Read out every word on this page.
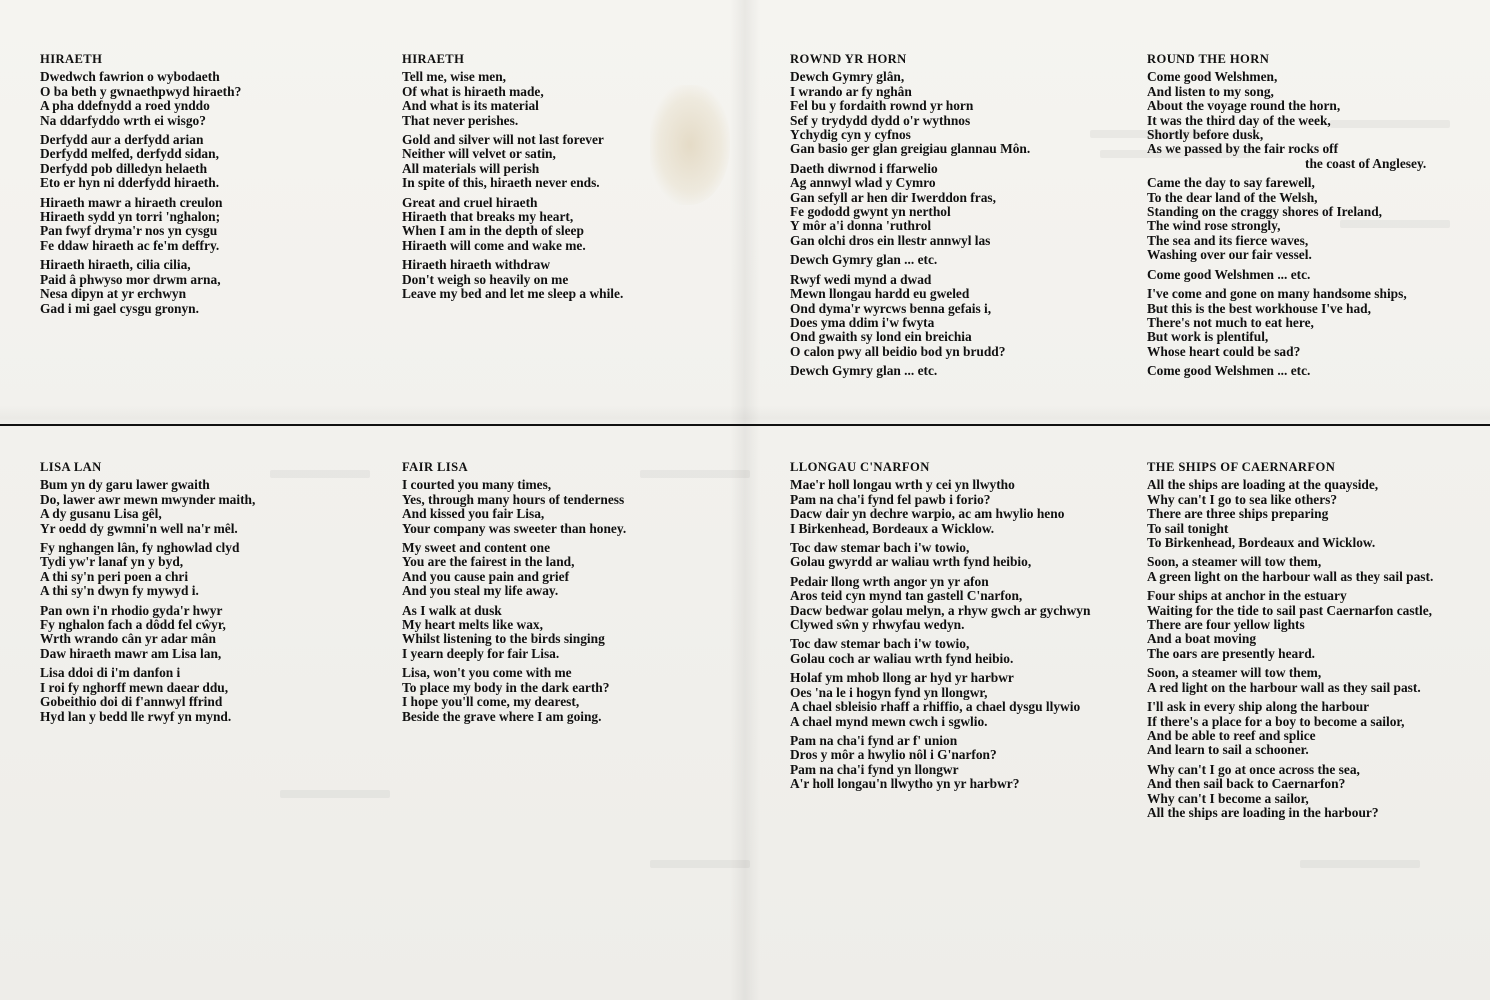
HIRAETH
Dwedwch fawrion o wybodaeth
O ba beth y gwnaethpwyd hiraeth?
A pha ddefnydd a roed ynddo
Na ddarfyddo wrth ei wisgo?
Derfydd aur a derfydd arian
Derfydd melfed, derfydd sidan,
Derfydd pob dilledyn helaeth
Eto er hyn ni dderfydd hiraeth.
Hiraeth mawr a hiraeth creulon
Hiraeth sydd yn torri 'nghalon;
Pan fwyf dryma'r nos yn cysgu
Fe ddaw hiraeth ac fe'm deffry.
Hiraeth hiraeth, cilia cilia,
Paid â phwyso mor drwm arna,
Nesa dipyn at yr erchwyn
Gad i mi gael cysgu gronyn.
HIRAETH
Tell me, wise men,
Of what is hiraeth made,
And what is its material
That never perishes.
Gold and silver will not last forever
Neither will velvet or satin,
All materials will perish
In spite of this, hiraeth never ends.
Great and cruel hiraeth
Hiraeth that breaks my heart,
When I am in the depth of sleep
Hiraeth will come and wake me.
Hiraeth hiraeth withdraw
Don't weigh so heavily on me
Leave my bed and let me sleep a while.
ROWND YR HORN
Dewch Gymry glân,
I wrando ar fy nghân
Fel bu y fordaith rownd yr horn
Sef y trydydd dydd o'r wythnos
Ychydig cyn y cyfnos
Gan basio ger glan greigiau glannau Môn.
Daeth diwrnod i ffarwelio
Ag annwyl wlad y Cymro
Gan sefyll ar hen dir Iwerddon fras,
Fe gododd gwynt yn nerthol
Y môr a'i donna 'ruthrol
Gan olchi dros ein llestr annwyl las
Dewch Gymry glan ... etc.
Rwyf wedi mynd a dwad
Mewn llongau hardd eu gweled
Ond dyma'r wyrcws benna gefais i,
Does yma ddim i'w fwyta
Ond gwaith sy lond ein breichia
O calon pwy all beidio bod yn brudd?
Dewch Gymry glan ... etc.
ROUND THE HORN
Come good Welshmen,
And listen to my song,
About the voyage round the horn,
It was the third day of the week,
Shortly before dusk,
As we passed by the fair rocks off
the coast of Anglesey.
Came the day to say farewell,
To the dear land of the Welsh,
Standing on the craggy shores of Ireland,
The wind rose strongly,
The sea and its fierce waves,
Washing over our fair vessel.
Come good Welshmen ... etc.
I've come and gone on many handsome ships,
But this is the best workhouse I've had,
There's not much to eat here,
But work is plentiful,
Whose heart could be sad?
Come good Welshmen ... etc.
LISA LAN
Bum yn dy garu lawer gwaith
Do, lawer awr mewn mwynder maith,
A dy gusanu Lisa gêl,
Yr oedd dy gwmni'n well na'r mêl.
Fy nghangen lân, fy nghowlad clyd
Tydi yw'r lanaf yn y byd,
A thi sy'n peri poen a chri
A thi sy'n dwyn fy mywyd i.
Pan own i'n rhodio gyda'r hwyr
Fy nghalon fach a dôdd fel cŵyr,
Wrth wrando cân yr adar mân
Daw hiraeth mawr am Lisa lan,
Lisa ddoi di i'm danfon i
I roi fy nghorff mewn daear ddu,
Gobeithio doi di f'annwyl ffrind
Hyd lan y bedd lle rwyf yn mynd.
FAIR LISA
I courted you many times,
Yes, through many hours of tenderness
And kissed you fair Lisa,
Your company was sweeter than honey.
My sweet and content one
You are the fairest in the land,
And you cause pain and grief
And you steal my life away.
As I walk at dusk
My heart melts like wax,
Whilst listening to the birds singing
I yearn deeply for fair Lisa.
Lisa, won't you come with me
To place my body in the dark earth?
I hope you'll come, my dearest,
Beside the grave where I am going.
LLONGAU C'NARFON
Mae'r holl longau wrth y cei yn llwytho
Pam na cha'i fynd fel pawb i forio?
Dacw dair yn dechre warpio, ac am hwylio heno
I Birkenhead, Bordeaux a Wicklow.
Toc daw stemar bach i'w towio,
Golau gwyrdd ar waliau wrth fynd heibio,
Pedair llong wrth angor yn yr afon
Aros teid cyn mynd tan gastell C'narfon,
Dacw bedwar golau melyn, a rhyw gwch ar gychwyn
Clywed sŵn y rhwyfau wedyn.
Toc daw stemar bach i'w towio,
Golau coch ar waliau wrth fynd heibio.
Holaf ym mhob llong ar hyd yr harbwr
Oes 'na le i hogyn fynd yn llongwr,
A chael sbleisio rhaff a rhiffio, a chael dysgu llywio
A chael mynd mewn cwch i sgwlio.
Pam na cha'i fynd ar f' union
Dros y môr a hwylio nôl i G'narfon?
Pam na cha'i fynd yn llongwr
A'r holl longau'n llwytho yn yr harbwr?
THE SHIPS OF CAERNARFON
All the ships are loading at the quayside,
Why can't I go to sea like others?
There are three ships preparing
To sail tonight
To Birkenhead, Bordeaux and Wicklow.
Soon, a steamer will tow them,
A green light on the harbour wall as they sail past.
Four ships at anchor in the estuary
Waiting for the tide to sail past Caernarfon castle,
There are four yellow lights
And a boat moving
The oars are presently heard.
Soon, a steamer will tow them,
A red light on the harbour wall as they sail past.
I'll ask in every ship along the harbour
If there's a place for a boy to become a sailor,
And be able to reef and splice
And learn to sail a schooner.
Why can't I go at once across the sea,
And then sail back to Caernarfon?
Why can't I become a sailor,
All the ships are loading in the harbour?
